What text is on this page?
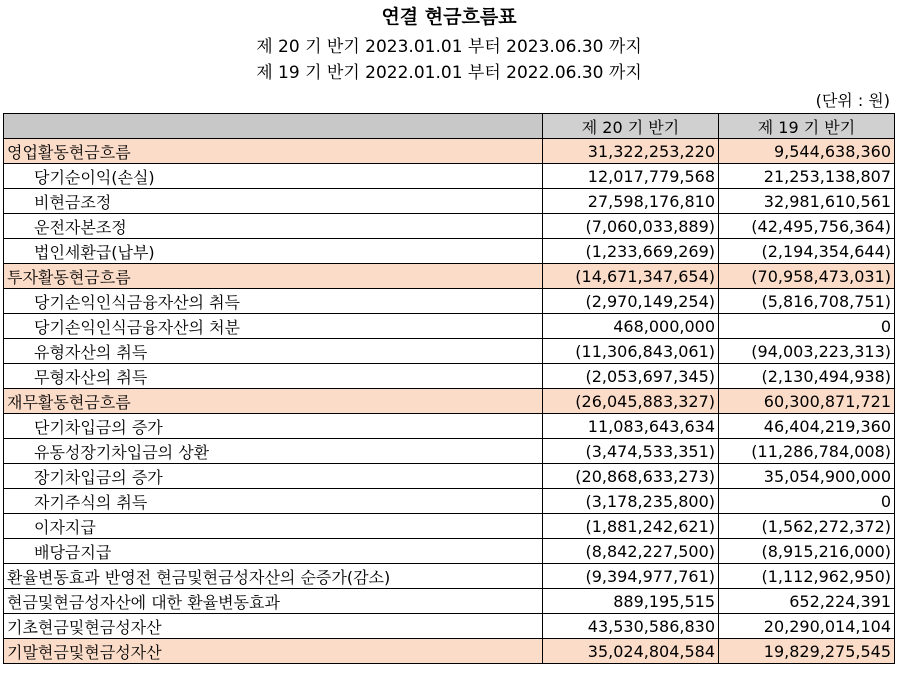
연결 현금흐름표
제 20 기 반기 2023.01.01 부터 2023.06.30 까지
제 19 기 반기 2022.01.01 부터 2022.06.30 까지
(단위 : 원)
	제 20 기 반기	제 19 기 반기
영업활동현금흐름	31,322,253,220	9,544,638,360
당기순이익(손실)	12,017,779,568	21,253,138,807
비현금조정	27,598,176,810	32,981,610,561
운전자본조정	(7,060,033,889)	(42,495,756,364)
법인세환급(납부)	(1,233,669,269)	(2,194,354,644)
투자활동현금흐름	(14,671,347,654)	(70,958,473,031)
당기손익인식금융자산의 취득	(2,970,149,254)	(5,816,708,751)
당기손익인식금융자산의 처분	468,000,000	0
유형자산의 취득	(11,306,843,061)	(94,003,223,313)
무형자산의 취득	(2,053,697,345)	(2,130,494,938)
재무활동현금흐름	(26,045,883,327)	60,300,871,721
단기차입금의 증가	11,083,643,634	46,404,219,360
유동성장기차입금의 상환	(3,474,533,351)	(11,286,784,008)
장기차입금의 증가	(20,868,633,273)	35,054,900,000
자기주식의 취득	(3,178,235,800)	0
이자지급	(1,881,242,621)	(1,562,272,372)
배당금지급	(8,842,227,500)	(8,915,216,000)
환율변동효과 반영전 현금및현금성자산의 순증가(감소)	(9,394,977,761)	(1,112,962,950)
현금및현금성자산에 대한 환율변동효과	889,195,515	652,224,391
기초현금및현금성자산	43,530,586,830	20,290,014,104
기말현금및현금성자산	35,024,804,584	19,829,275,545
